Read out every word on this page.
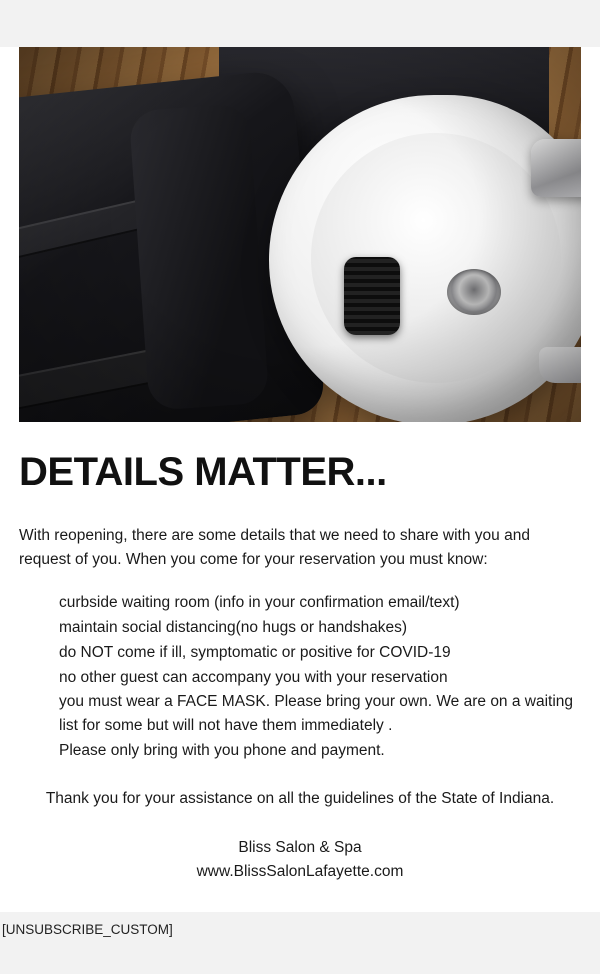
DETAILS MATTER...

With reopening, there are some details that we need to share with you and request of you. When you come for your reservation you must know:

curbside waiting room (info in your confirmation email/text)
maintain social distancing(no hugs or handshakes)
do NOT come if ill, symptomatic or positive for COVID-19
no other guest can accompany you with your reservation
you must wear a FACE MASK. Please bring your own. We are on a waiting list for some but will not have them immediately .
Please only bring with you phone and payment.

Thank you for your assistance on all the guidelines of the State of Indiana.

Bliss Salon & Spa
www.BlissSalonLafayette.com
[UNSUBSCRIBE_CUSTOM]
